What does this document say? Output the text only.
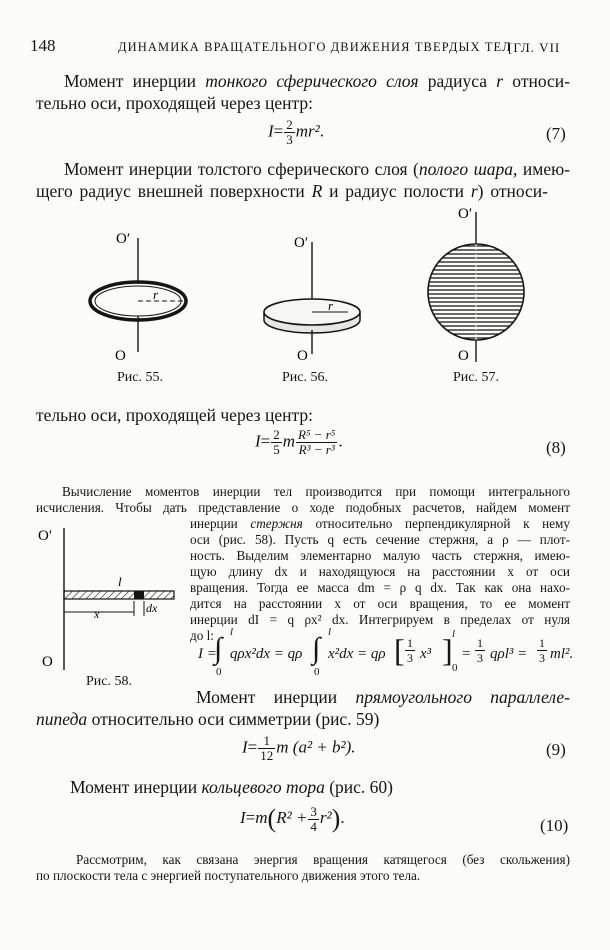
148	ДИНАМИКА ВРАЩАТЕЛЬНОГО ДВИЖЕНИЯ ТВЕРДЫХ ТЕЛ
[ГЛ. VII
Момент инерции тонкого сферического слоя радиуса r относи-
тельно оси, проходящей через центр:
$I= \frac{2}{3} mr^2$.	(7)
Момент инерции толстого сферического слоя (полого шара, имею-
щего радиус внешней поверхности R и радиус полости r) относи-
O′
O
r
O′
O
r
O′
O
Рис. 55.	Рис. 56.	Рис. 57.
тельно оси, проходящей через центр:
$I= \frac{2}{5}$ m $\frac{\text{R⁵ − r⁵}}{\text{R³ − r³}}$ .	(8)
Вычисление моментов инерции тел производится при помощи интегрального
исчисления. Чтобы дать представление о ходе подобных расчетов, найдем момент
инерции стержня относительно перпендикулярной к нему
оси (рис. 58). Пусть q есть сечение стержня, а ρ — плот-
ность. Выделим элементарно малую часть стержня, имею-
щую длину dx и находящуюся на расстоянии x от оси
вращения. Тогда ее масса dm = ρ q dx. Так как она нахо-
дится на расстоянии x от оси вращения, то ее момент
инерции dI = q ρx² dx. Интегрируем в пределах от нуля
до l:
O′
O
l
x	dx
Рис. 58.
I =
∫ l
0
qρx²dx = qρ ∫ l
0
x²dx = qρ [ $\frac{1}{3} x^3$ ] l
0
= $\frac{1}{3} q\rho l^3 = \frac{1}{3} ml^2$.
Момент инерции прямоугольного параллеле-
пипеда относительно оси симметрии (рис. 59)
$I= \frac{1}{12}$ m (a² + b²).	(9)
Момент инерции кольцевого тора (рис. 60)
$I=m(R^2 + \frac{3}{4} r^2)$.	(10)
Рассмотрим, как связана энергия вращения катящегося (без скольжения)
по плоскости тела с энергией поступательного движения этого тела.
